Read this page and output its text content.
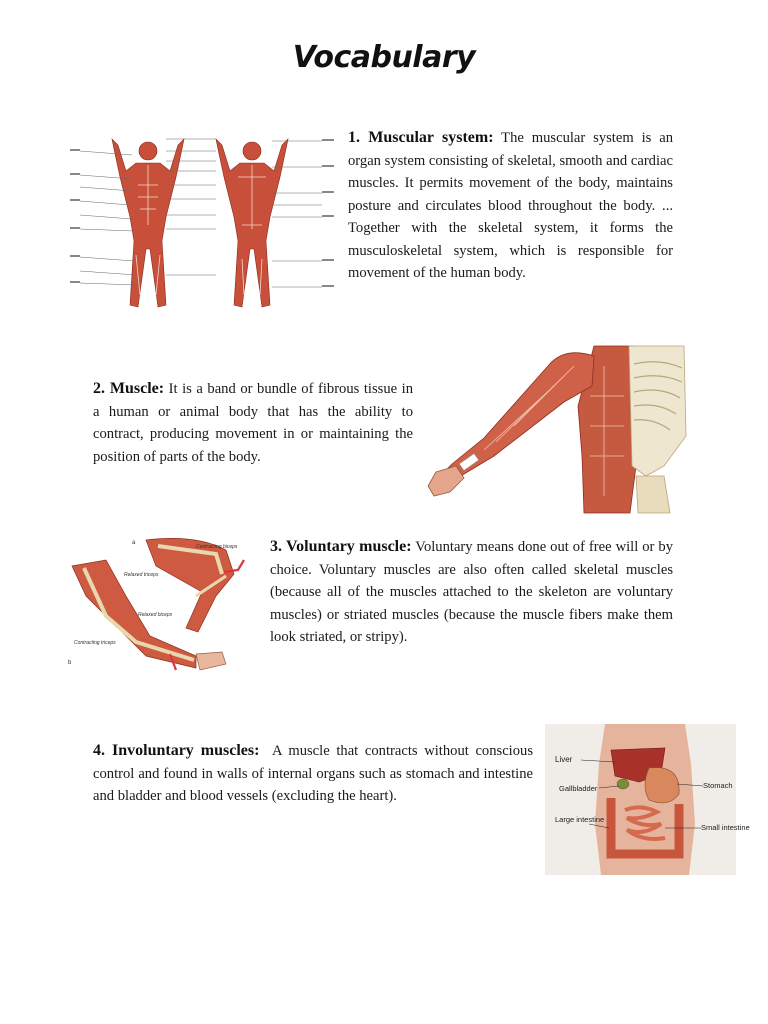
Vocabulary
1. Muscular system: The muscular system is an organ system consisting of skeletal, smooth and cardiac muscles. It permits movement of the body, maintains posture and circulates blood throughout the body. ... Together with the skeletal system, it forms the musculoskeletal system, which is responsible for movement of the human body.
2. Muscle: It is a band or bundle of fibrous tissue in a human or animal body that has the ability to contract, producing movement in or maintaining the position of parts of the body.
a
b
Contracting biceps
Relaxed triceps
Relaxed biceps
Contracting triceps
3. Voluntary muscle: Voluntary means done out of free will or by choice. Voluntary muscles are also often called skeletal muscles (because all of the muscles attached to the skeleton are voluntary muscles) or striated muscles (because the muscle fibers make them look striated, or stripy).
4. Involuntary muscles: A muscle that contracts without conscious control and found in walls of internal organs such as stomach and intestine and bladder and blood vessels (excluding the heart).
Liver
Gallbladder
Large intestine
Stomach
Small intestine
